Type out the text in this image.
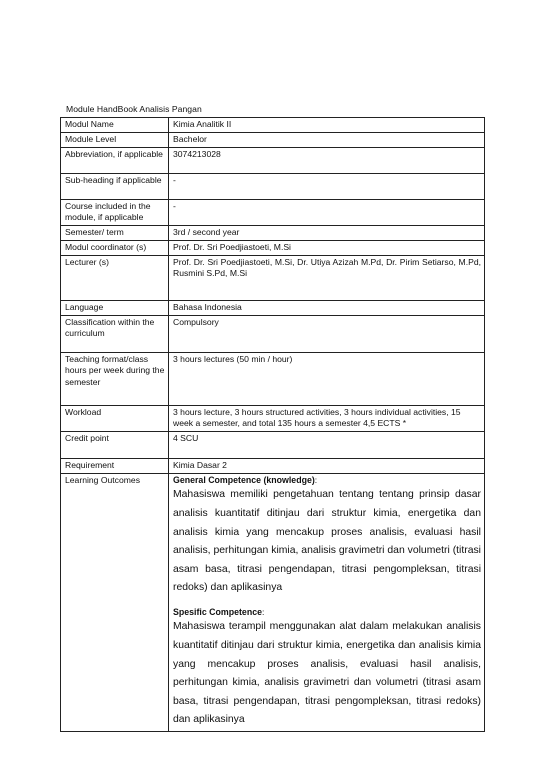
Module HandBook Analisis Pangan
Modul Name	Kimia Analitik II
Module Level	Bachelor
Abbreviation, if applicable	3074213028
Sub-heading if applicable	-
Course included in the module, if applicable	-
Semester/ term	3rd / second year
Modul coordinator (s)	Prof. Dr. Sri Poedjiastoeti, M.Si
Lecturer (s)	Prof. Dr. Sri Poedjiastoeti, M.Si, Dr. Utiya Azizah M.Pd, Dr. Pirim Setiarso, M.Pd, Rusmini S.Pd, M.Si
Language	Bahasa Indonesia
Classification within the curriculum	Compulsory
Teaching format/class hours per week during the semester	3 hours lectures (50 min / hour)
Workload	3 hours lecture, 3 hours structured activities, 3 hours individual activities, 15 week a semester, and total 135 hours a semester 4,5 ECTS *
Credit point	4 SCU
Requirement	Kimia Dasar 2
Learning Outcomes	General Competence (knowledge):
Mahasiswa memiliki pengetahuan tentang tentang prinsip dasar analisis kuantitatif ditinjau dari struktur kimia, energetika dan analisis kimia yang mencakup proses analisis, evaluasi hasil analisis, perhitungan kimia, analisis gravimetri dan volumetri (titrasi asam basa, titrasi pengendapan, titrasi pengompleksan, titrasi redoks) dan aplikasinya
Spesific Competence:
Mahasiswa terampil menggunakan alat dalam melakukan analisis kuantitatif ditinjau dari struktur kimia, energetika dan analisis kimia yang mencakup proses analisis, evaluasi hasil analisis, perhitungan kimia, analisis gravimetri dan volumetri (titrasi asam basa, titrasi pengendapan, titrasi pengompleksan, titrasi redoks) dan aplikasinya
